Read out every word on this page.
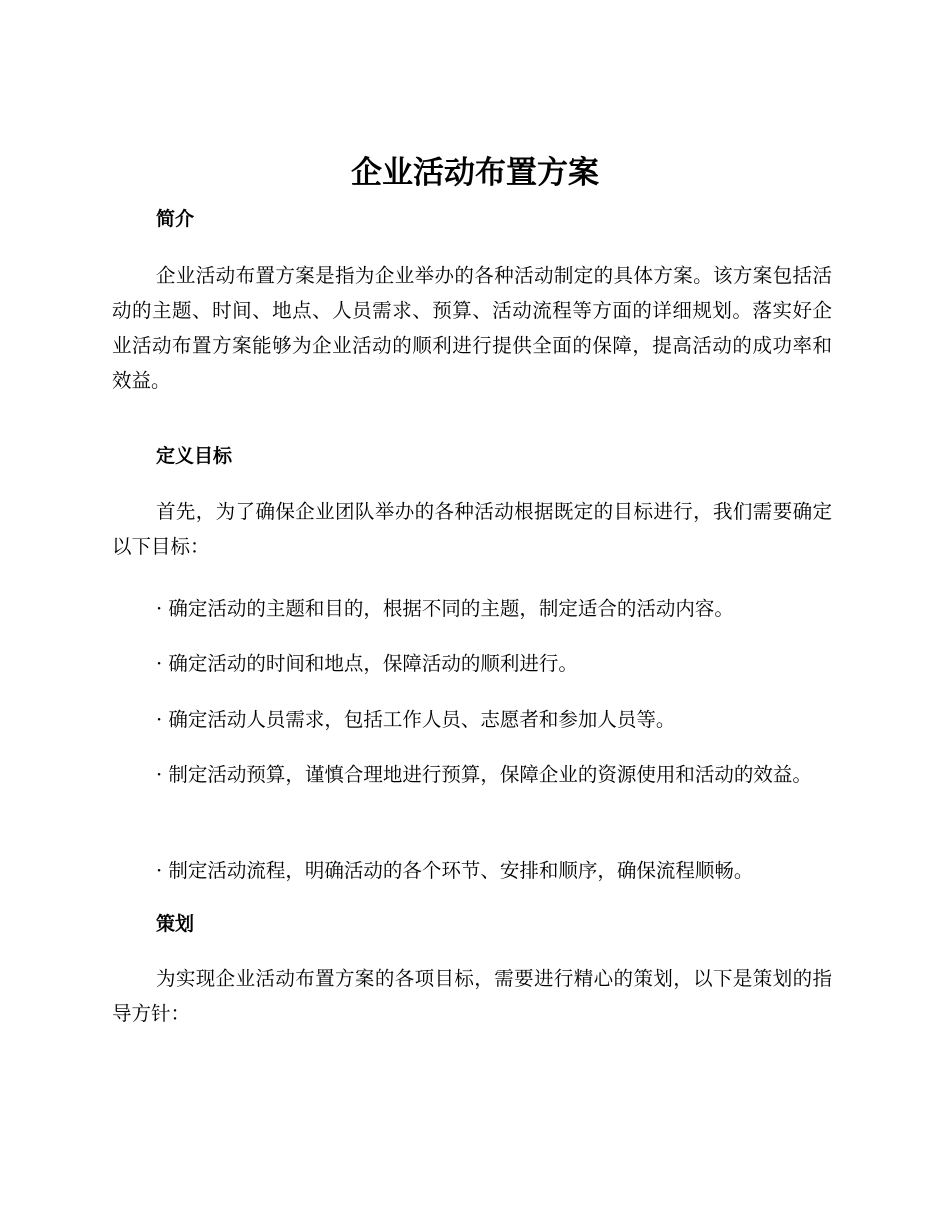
企业活动布置方案
简介

企业活动布置方案是指为企业举办的各种活动制定的具体方案。该方案包括活动的主题、时间、地点、人员需求、预算、活动流程等方面的详细规划。落实好企业活动布置方案能够为企业活动的顺利进行提供全面的保障，提高活动的成功率和效益。

定义目标

首先，为了确保企业团队举办的各种活动根据既定的目标进行，我们需要确定以下目标：

· 确定活动的主题和目的，根据不同的主题，制定适合的活动内容。

· 确定活动的时间和地点，保障活动的顺利进行。

· 确定活动人员需求，包括工作人员、志愿者和参加人员等。

· 制定活动预算，谨慎合理地进行预算，保障企业的资源使用和活动的效益。

· 制定活动流程，明确活动的各个环节、安排和顺序，确保流程顺畅。

策划

为实现企业活动布置方案的各项目标，需要进行精心的策划，以下是策划的指导方针：
